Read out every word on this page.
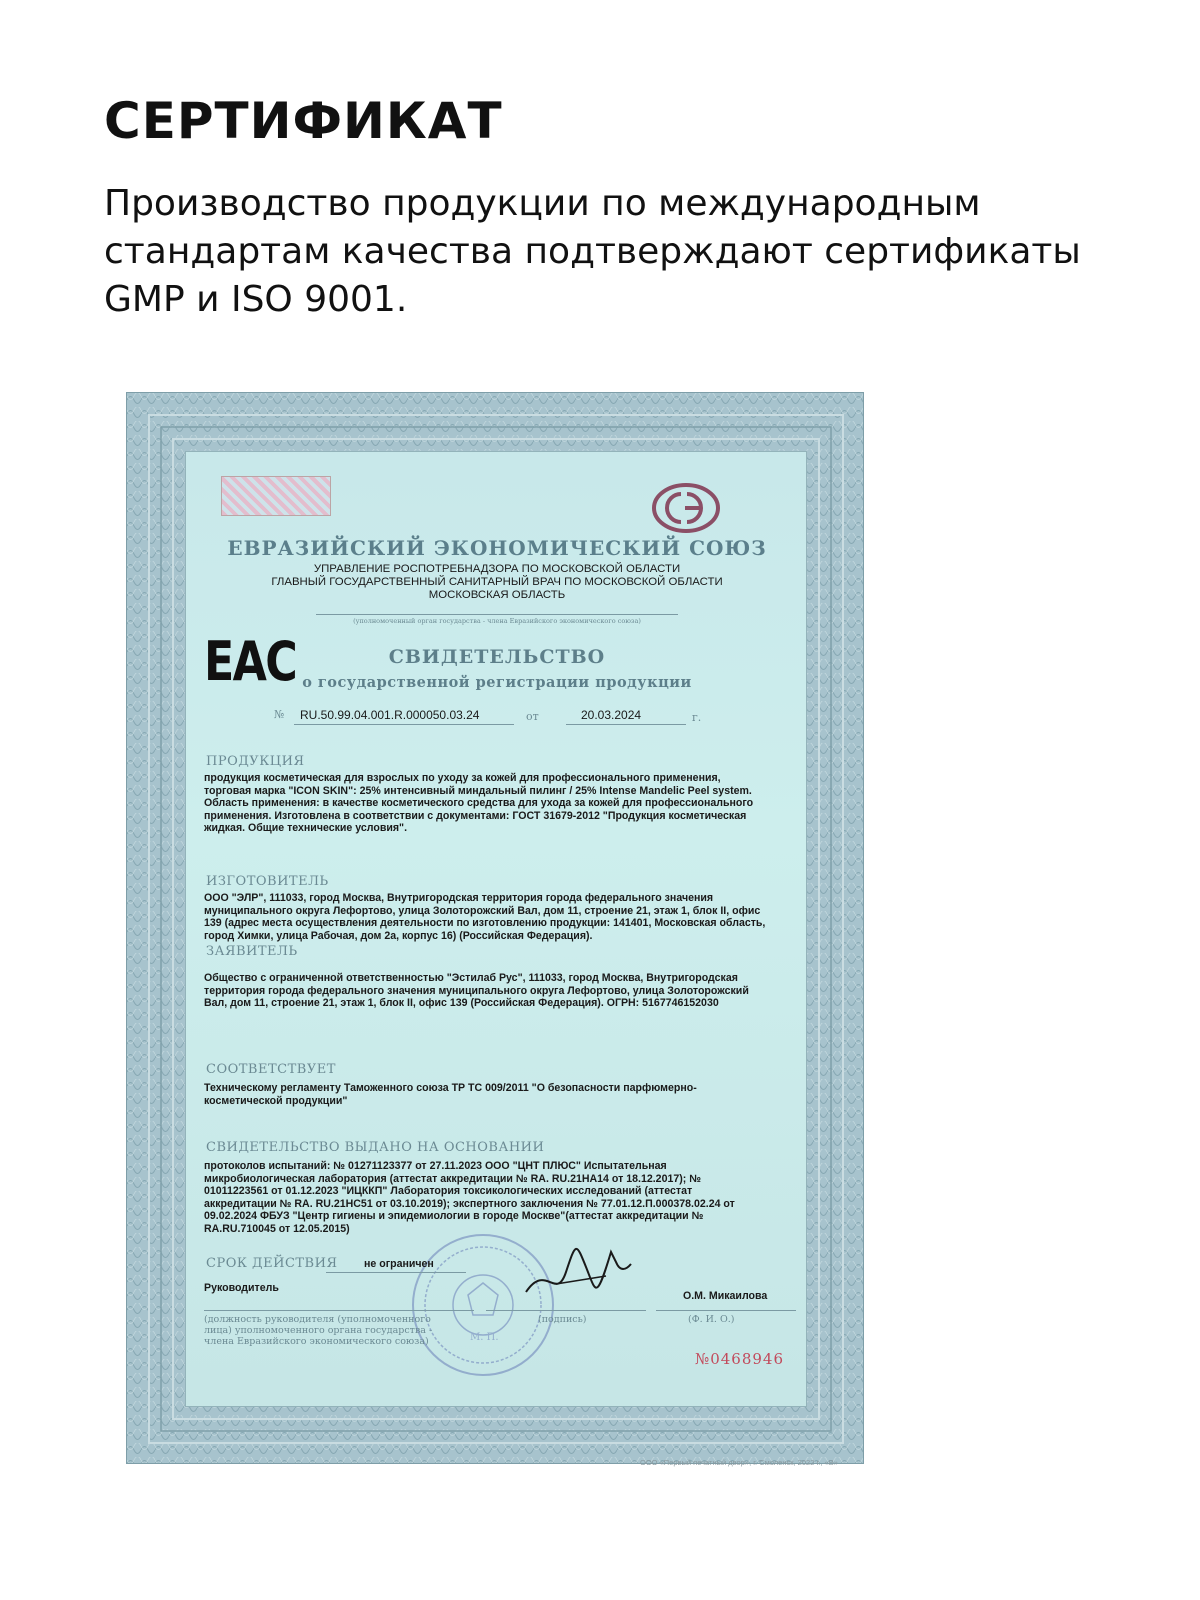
СЕРТИФИКАТ
Производство продукции по международным стандартам качества подтверждают сертификаты GMP и ISO 9001.
ЕВРАЗИЙСКИЙ ЭКОНОМИЧЕСКИЙ СОЮЗ
УПРАВЛЕНИЕ РОСПОТРЕБНАДЗОРА ПО МОСКОВСКОЙ ОБЛАСТИ
ГЛАВНЫЙ ГОСУДАРСТВЕННЫЙ САНИТАРНЫЙ ВРАЧ ПО МОСКОВСКОЙ ОБЛАСТИ
МОСКОВСКАЯ ОБЛАСТЬ
(уполномоченный орган государства - члена Евразийского экономического союза)
ЕАС	СВИДЕТЕЛЬСТВО
о государственной регистрации продукции
№ RU.50.99.04.001.R.000050.03.24	от	20.03.2024	г.
ПРОДУКЦИЯ
продукция косметическая для взрослых по уходу за кожей для профессионального применения,
торговая марка "ICON SKIN": 25% интенсивный миндальный пилинг / 25% Intense Mandelic Peel system.
Область применения: в качестве косметического средства для ухода за кожей для профессионального
применения. Изготовлена в соответствии с документами: ГОСТ 31679-2012 "Продукция косметическая
жидкая. Общие технические условия".
ИЗГОТОВИТЕЛЬ
ООО "ЭЛР", 111033, город Москва, Внутригородская территория города федерального значения
муниципального округа Лефортово, улица Золоторожский Вал, дом 11, строение 21, этаж 1, блок II, офис
139 (адрес места осуществления деятельности по изготовлению продукции: 141401, Московская область,
город Химки, улица Рабочая, дом 2а, корпус 16) (Российская Федерация).
ЗАЯВИТЕЛЬ
Общество с ограниченной ответственностью "Эстилаб Рус", 111033, город Москва, Внутригородская
территория города федерального значения муниципального округа Лефортово, улица Золоторожский
Вал, дом 11, строение 21, этаж 1, блок II, офис 139 (Российская Федерация). ОГРН: 5167746152030
СООТВЕТСТВУЕТ
Техническому регламенту Таможенного союза ТР ТС 009/2011 "О безопасности парфюмерно-
косметической продукции"
СВИДЕТЕЛЬСТВО ВЫДАНО НА ОСНОВАНИИ
протоколов испытаний: № 01271123377 от 27.11.2023 ООО "ЦНТ ПЛЮС" Испытательная
микробиологическая лаборатория (аттестат аккредитации № RA. RU.21НА14 от 18.12.2017); №
01011223561 от 01.12.2023 "ИЦККП" Лаборатория токсикологических исследований (аттестат
аккредитации № RA. RU.21НС51 от 03.10.2019); экспертного заключения № 77.01.12.П.000378.02.24 от
09.02.2024 ФБУЗ "Центр гигиены и эпидемиологии в городе Москве"(аттестат аккредитации №
RA.RU.710045 от 12.05.2015)
М. П.
СРОК ДЕЙСТВИЯ	не ограничен
Руководитель
О.М. Микаилова
(должность руководителя (уполномоченного
лица) уполномоченного органа государства -
члена Евразийского экономического союза)
(подпись)	(Ф. И. О.)
№0468946
ООО «Первый печатный двор», г. Смоленск, 2022 г., «В»
